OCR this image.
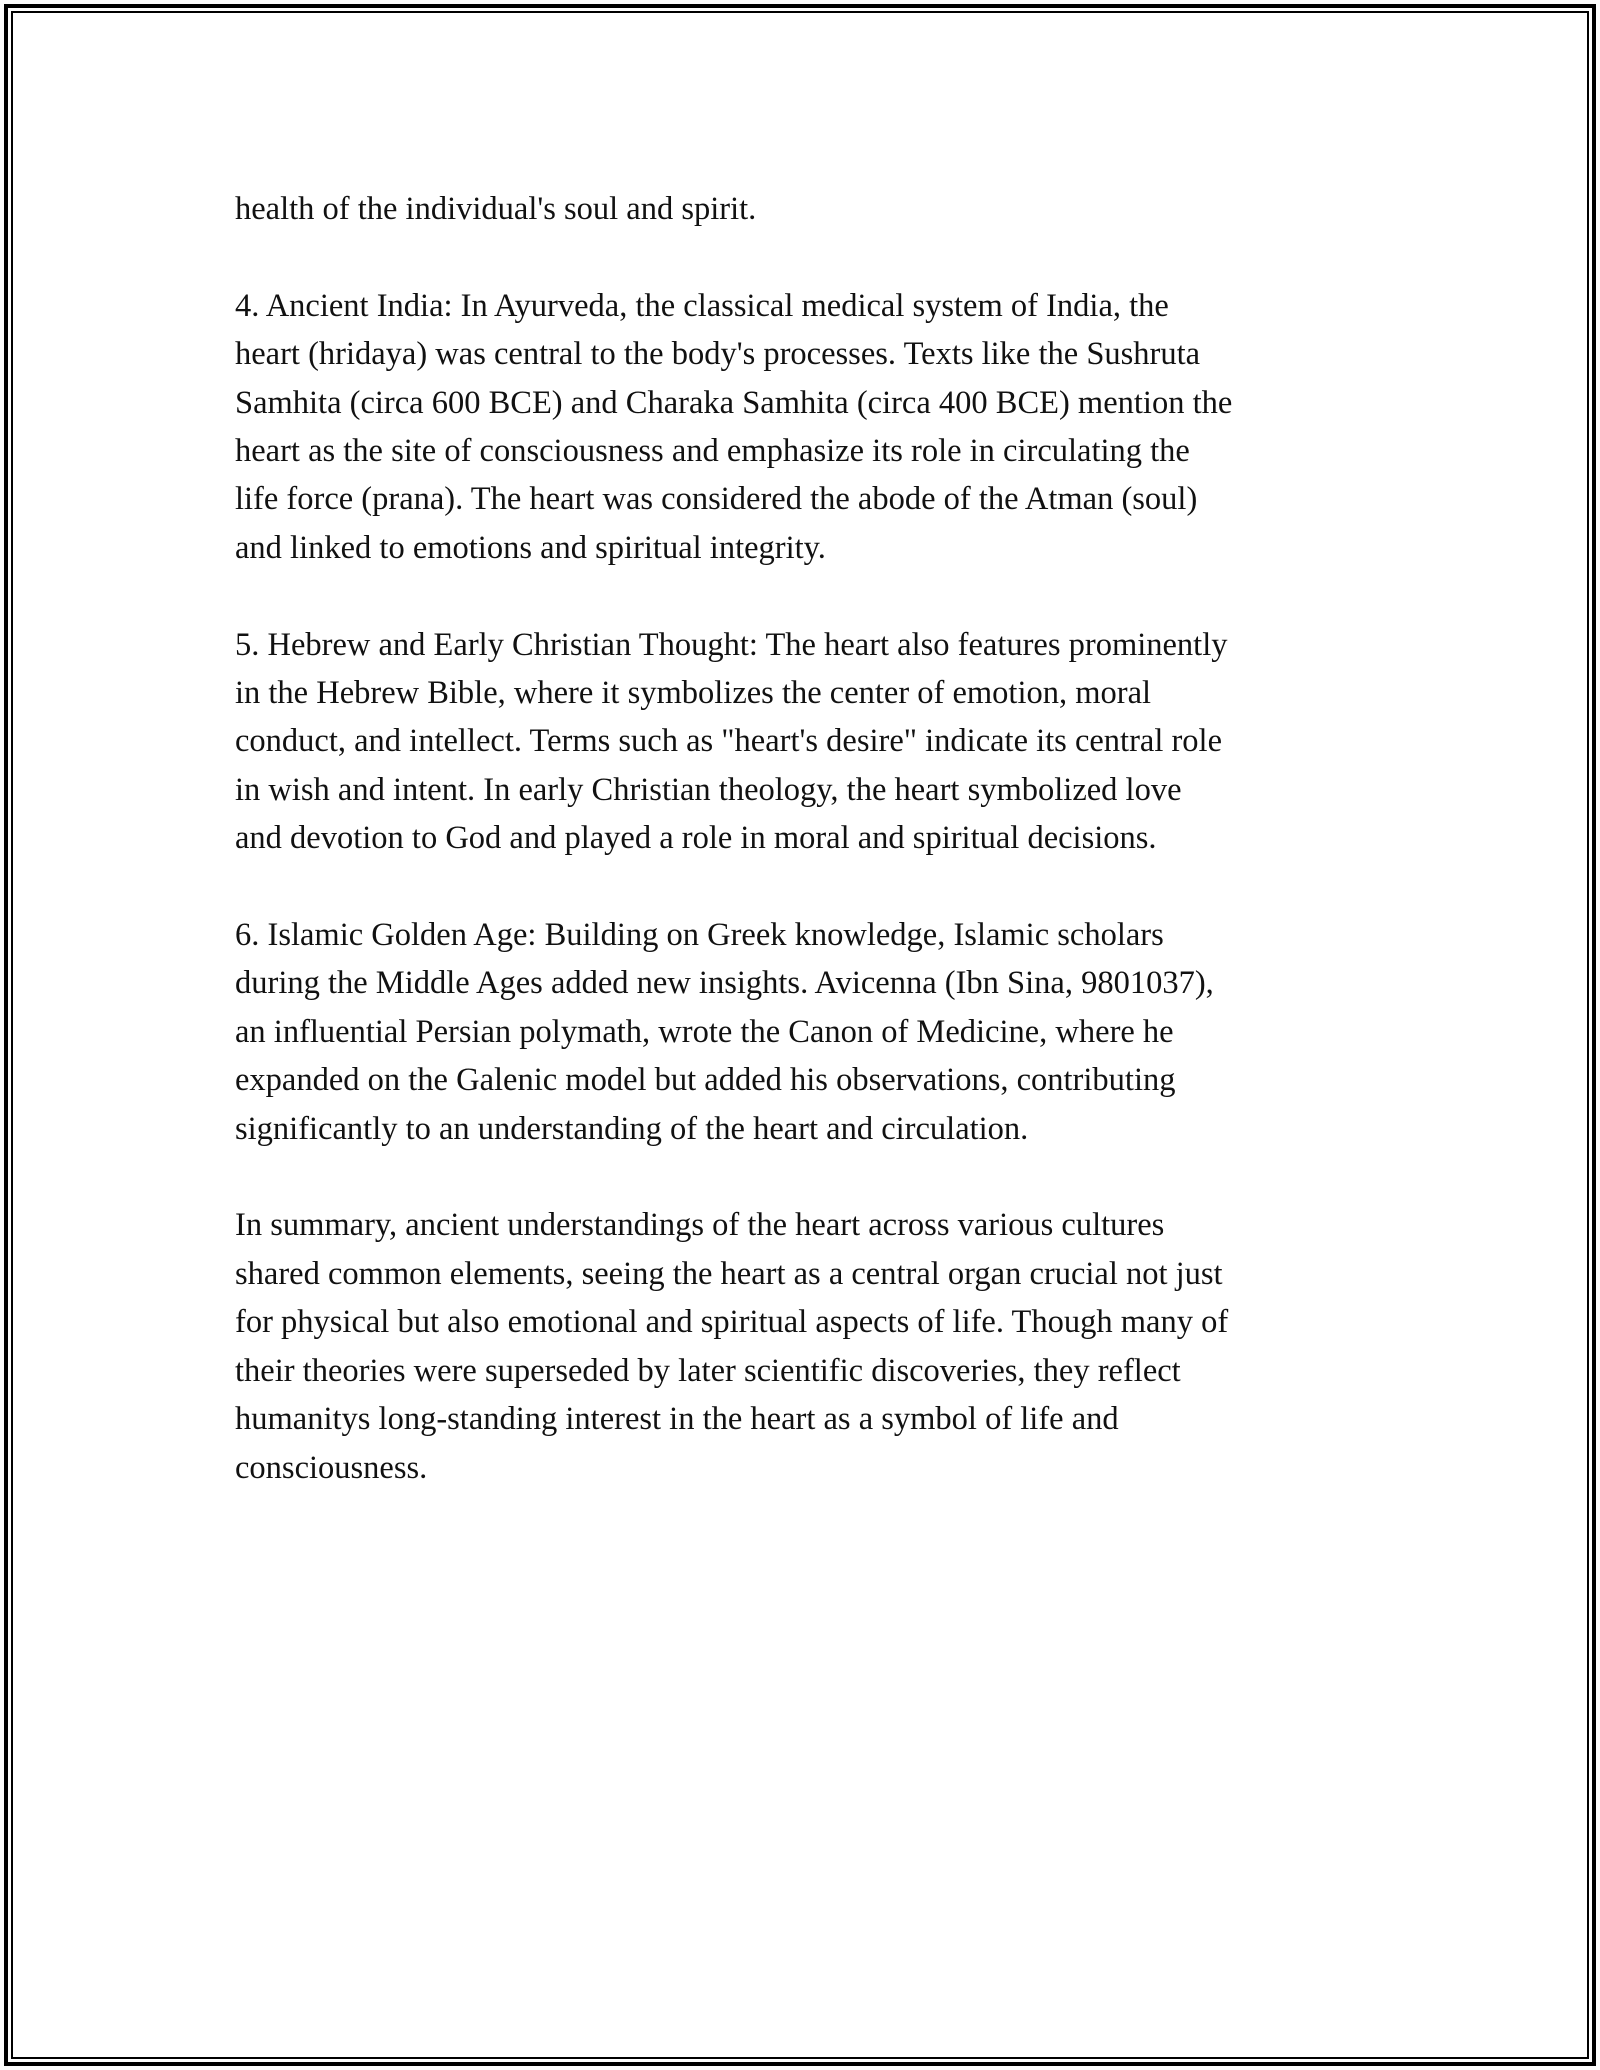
health of the individual's soul and spirit.

4. Ancient India: In Ayurveda, the classical medical system of India, the
heart (hridaya) was central to the body's processes. Texts like the Sushruta
Samhita (circa 600 BCE) and Charaka Samhita (circa 400 BCE) mention the
heart as the site of consciousness and emphasize its role in circulating the
life force (prana). The heart was considered the abode of the Atman (soul)
and linked to emotions and spiritual integrity.

5. Hebrew and Early Christian Thought: The heart also features prominently
in the Hebrew Bible, where it symbolizes the center of emotion, moral
conduct, and intellect. Terms such as "heart's desire" indicate its central role
in wish and intent. In early Christian theology, the heart symbolized love
and devotion to God and played a role in moral and spiritual decisions.

6. Islamic Golden Age: Building on Greek knowledge, Islamic scholars
during the Middle Ages added new insights. Avicenna (Ibn Sina, 9801037),
an influential Persian polymath, wrote the Canon of Medicine, where he
expanded on the Galenic model but added his observations, contributing
significantly to an understanding of the heart and circulation.

In summary, ancient understandings of the heart across various cultures
shared common elements, seeing the heart as a central organ crucial not just
for physical but also emotional and spiritual aspects of life. Though many of
their theories were superseded by later scientific discoveries, they reflect
humanitys long-standing interest in the heart as a symbol of life and
consciousness.
